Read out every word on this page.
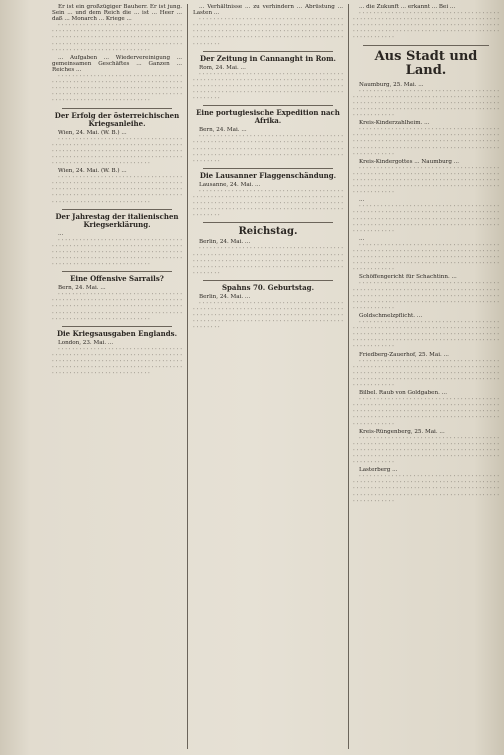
Er ist ein großzügiger Bauherr. Er ist jung. Sein ... und dem Reich die ... ist ... Heer ... daß ... Monarch ... Kriege ...
· · · · · · · · · · · · · · · · · · · · · · · · · · · · · · · · · · · · · · · · · · · · · · · · · · · · · · · · · · · · · · · · · · · · · · · · · · · · · · · · · · · · · · · · · · · · · · · · · · · · · · · · · · · · · · · · · · · · · · · · · · · · · · · · · · · · · · · · · · · · · · · · · · · · · · · · · · · · · · · · · · · · · · · · · · · · · ·
... Aufgaben ... Wiedervereinigung ... gemeinsamen Geschäftes ... Ganzen ... Reiches ...
· · · · · · · · · · · · · · · · · · · · · · · · · · · · · · · · · · · · · · · · · · · · · · · · · · · · · · · · · · · · · · · · · · · · · · · · · · · · · · · · · · · · · · · · · · · · · · · · · · · · · · · · · · · · · · · · · · · · · · · · · · · · · · · · · · · · · · · · · · · · · · · · · · · · · · · · · · · · · · · · · · · · · · · · · · · · · ·
Der Erfolg der österreichischen Kriegsanleihe.
Wien, 24. Mai. (W. B.) ...
· · · · · · · · · · · · · · · · · · · · · · · · · · · · · · · · · · · · · · · · · · · · · · · · · · · · · · · · · · · · · · · · · · · · · · · · · · · · · · · · · · · · · · · · · · · · · · · · · · · · · · · · · · · · · · · · · · · · · · · · · · · · · · · · · · · · · · · · · · · · · · · · · · · · · · · · · · · · · · · · · · · · · · · · · · · · · ·
Wien, 24. Mai. (W. B.) ...
· · · · · · · · · · · · · · · · · · · · · · · · · · · · · · · · · · · · · · · · · · · · · · · · · · · · · · · · · · · · · · · · · · · · · · · · · · · · · · · · · · · · · · · · · · · · · · · · · · · · · · · · · · · · · · · · · · · · · · · · · · · · · · · · · · · · · · · · · · · · · · · · · · · · · · · · · · · · · · · · · · · · · · · · · · · · · ·
Der Jahrestag der italienischen Kriegserklärung.
...
· · · · · · · · · · · · · · · · · · · · · · · · · · · · · · · · · · · · · · · · · · · · · · · · · · · · · · · · · · · · · · · · · · · · · · · · · · · · · · · · · · · · · · · · · · · · · · · · · · · · · · · · · · · · · · · · · · · · · · · · · · · · · · · · · · · · · · · · · · · · · · · · · · · · · · · · · · · · · · · · · · · · · · · · · · · · · ·
Eine Offensive Sarrails?
Bern, 24. Mai. ...
· · · · · · · · · · · · · · · · · · · · · · · · · · · · · · · · · · · · · · · · · · · · · · · · · · · · · · · · · · · · · · · · · · · · · · · · · · · · · · · · · · · · · · · · · · · · · · · · · · · · · · · · · · · · · · · · · · · · · · · · · · · · · · · · · · · · · · · · · · · · · · · · · · · · · · · · · · · · · · · · · · · · · · · · · · · · · ·
Die Kriegsausgaben Englands.
London, 23. Mai. ...
· · · · · · · · · · · · · · · · · · · · · · · · · · · · · · · · · · · · · · · · · · · · · · · · · · · · · · · · · · · · · · · · · · · · · · · · · · · · · · · · · · · · · · · · · · · · · · · · · · · · · · · · · · · · · · · · · · · · · · · · · · · · · · · · · · · · · · · · · · · · · · · · · · · · · · · · · · · · · · · · · · · · · · · · · · · · · ·
... Verhältnisse ... zu verhindern ... Abrüstung ... Lasten ...
· · · · · · · · · · · · · · · · · · · · · · · · · · · · · · · · · · · · · · · · · · · · · · · · · · · · · · · · · · · · · · · · · · · · · · · · · · · · · · · · · · · · · · · · · · · · · · · · · · · · · · · · · · · · · · · · · · · · · · · · · · · · · · · · · · · · · · · · · · · · · · · · · · · · · · · · · · · · · · · · · · · · · · · · · · · · · ·
Der Zeitung in Cannanght in Rom.
Rom, 24. Mai. ...
· · · · · · · · · · · · · · · · · · · · · · · · · · · · · · · · · · · · · · · · · · · · · · · · · · · · · · · · · · · · · · · · · · · · · · · · · · · · · · · · · · · · · · · · · · · · · · · · · · · · · · · · · · · · · · · · · · · · · · · · · · · · · · · · · · · · · · · · · · · · · · · · · · · · · · · · · · · · · · · · · · · · · · · · · · · · · ·
Eine portugiesische Expedition nach Afrika.
Bern, 24. Mai. ...
· · · · · · · · · · · · · · · · · · · · · · · · · · · · · · · · · · · · · · · · · · · · · · · · · · · · · · · · · · · · · · · · · · · · · · · · · · · · · · · · · · · · · · · · · · · · · · · · · · · · · · · · · · · · · · · · · · · · · · · · · · · · · · · · · · · · · · · · · · · · · · · · · · · · · · · · · · · · · · · · · · · · · · · · · · · · · ·
Die Lausanner Flaggenschändung.
Lausanne, 24. Mai. ...
· · · · · · · · · · · · · · · · · · · · · · · · · · · · · · · · · · · · · · · · · · · · · · · · · · · · · · · · · · · · · · · · · · · · · · · · · · · · · · · · · · · · · · · · · · · · · · · · · · · · · · · · · · · · · · · · · · · · · · · · · · · · · · · · · · · · · · · · · · · · · · · · · · · · · · · · · · · · · · · · · · · · · · · · · · · · · ·
Reichstag.
Berlin, 24. Mai. ...
· · · · · · · · · · · · · · · · · · · · · · · · · · · · · · · · · · · · · · · · · · · · · · · · · · · · · · · · · · · · · · · · · · · · · · · · · · · · · · · · · · · · · · · · · · · · · · · · · · · · · · · · · · · · · · · · · · · · · · · · · · · · · · · · · · · · · · · · · · · · · · · · · · · · · · · · · · · · · · · · · · · · · · · · · · · · · ·
Spahns 70. Geburtstag.
Berlin, 24. Mai. ...
· · · · · · · · · · · · · · · · · · · · · · · · · · · · · · · · · · · · · · · · · · · · · · · · · · · · · · · · · · · · · · · · · · · · · · · · · · · · · · · · · · · · · · · · · · · · · · · · · · · · · · · · · · · · · · · · · · · · · · · · · · · · · · · · · · · · · · · · · · · · · · · · · · · · · · · · · · · · · · · · · · · · · · · · · · · · · ·
... die Zukunft ... erkannt ... Bei ...
· · · · · · · · · · · · · · · · · · · · · · · · · · · · · · · · · · · · · · · · · · · · · · · · · · · · · · · · · · · · · · · · · · · · · · · · · · · · · · · · · · · · · · · · · · · · · · · · · · · · · · · · · · · · · · · · · · · · · · · · · · · · · · · · · · · · · · · · · · · · · · · · · · · · · · · · · · · · · · · · · · · · · · · · · · · · · ·
Aus Stadt und Land.
Naumburg, 25. Mai. ...
· · · · · · · · · · · · · · · · · · · · · · · · · · · · · · · · · · · · · · · · · · · · · · · · · · · · · · · · · · · · · · · · · · · · · · · · · · · · · · · · · · · · · · · · · · · · · · · · · · · · · · · · · · · · · · · · · · · · · · · · · · · · · · · · · · · · · · · · · · · · · · · · · · · · · · · · · · · · · · · · · · · · · · · · · · · · · ·
Kreis-Kinderzahlheim. ...
· · · · · · · · · · · · · · · · · · · · · · · · · · · · · · · · · · · · · · · · · · · · · · · · · · · · · · · · · · · · · · · · · · · · · · · · · · · · · · · · · · · · · · · · · · · · · · · · · · · · · · · · · · · · · · · · · · · · · · · · · · · · · · · · · · · · · · · · · · · · · · · · · · · · · · · · · · · · · · · · · · · · · · · · · · · · · ·
Kreis-Kindergottes ... Naumburg ...
· · · · · · · · · · · · · · · · · · · · · · · · · · · · · · · · · · · · · · · · · · · · · · · · · · · · · · · · · · · · · · · · · · · · · · · · · · · · · · · · · · · · · · · · · · · · · · · · · · · · · · · · · · · · · · · · · · · · · · · · · · · · · · · · · · · · · · · · · · · · · · · · · · · · · · · · · · · · · · · · · · · · · · · · · · · · · ·
...
· · · · · · · · · · · · · · · · · · · · · · · · · · · · · · · · · · · · · · · · · · · · · · · · · · · · · · · · · · · · · · · · · · · · · · · · · · · · · · · · · · · · · · · · · · · · · · · · · · · · · · · · · · · · · · · · · · · · · · · · · · · · · · · · · · · · · · · · · · · · · · · · · · · · · · · · · · · · · · · · · · · · · · · · · · · · · ·
...
· · · · · · · · · · · · · · · · · · · · · · · · · · · · · · · · · · · · · · · · · · · · · · · · · · · · · · · · · · · · · · · · · · · · · · · · · · · · · · · · · · · · · · · · · · · · · · · · · · · · · · · · · · · · · · · · · · · · · · · · · · · · · · · · · · · · · · · · · · · · · · · · · · · · · · · · · · · · · · · · · · · · · · · · · · · · · ·
Schöffengericht für Schachtinn. ...
· · · · · · · · · · · · · · · · · · · · · · · · · · · · · · · · · · · · · · · · · · · · · · · · · · · · · · · · · · · · · · · · · · · · · · · · · · · · · · · · · · · · · · · · · · · · · · · · · · · · · · · · · · · · · · · · · · · · · · · · · · · · · · · · · · · · · · · · · · · · · · · · · · · · · · · · · · · · · · · · · · · · · · · · · · · · · ·
Goldschmelzpflicht. ...
· · · · · · · · · · · · · · · · · · · · · · · · · · · · · · · · · · · · · · · · · · · · · · · · · · · · · · · · · · · · · · · · · · · · · · · · · · · · · · · · · · · · · · · · · · · · · · · · · · · · · · · · · · · · · · · · · · · · · · · · · · · · · · · · · · · · · · · · · · · · · · · · · · · · · · · · · · · · · · · · · · · · · · · · · · · · · ·
Friedberg-Zauerhof, 25. Mai. ...
· · · · · · · · · · · · · · · · · · · · · · · · · · · · · · · · · · · · · · · · · · · · · · · · · · · · · · · · · · · · · · · · · · · · · · · · · · · · · · · · · · · · · · · · · · · · · · · · · · · · · · · · · · · · · · · · · · · · · · · · · · · · · · · · · · · · · · · · · · · · · · · · · · · · · · · · · · · · · · · · · · · · · · · · · · · · · ·
Bilbel. Raub von Goldgaben. ...
· · · · · · · · · · · · · · · · · · · · · · · · · · · · · · · · · · · · · · · · · · · · · · · · · · · · · · · · · · · · · · · · · · · · · · · · · · · · · · · · · · · · · · · · · · · · · · · · · · · · · · · · · · · · · · · · · · · · · · · · · · · · · · · · · · · · · · · · · · · · · · · · · · · · · · · · · · · · · · · · · · · · · · · · · · · · · ·
Kreis-Rüngenberg, 25. Mai. ...
· · · · · · · · · · · · · · · · · · · · · · · · · · · · · · · · · · · · · · · · · · · · · · · · · · · · · · · · · · · · · · · · · · · · · · · · · · · · · · · · · · · · · · · · · · · · · · · · · · · · · · · · · · · · · · · · · · · · · · · · · · · · · · · · · · · · · · · · · · · · · · · · · · · · · · · · · · · · · · · · · · · · · · · · · · · · · ·
Lasterberg ...
· · · · · · · · · · · · · · · · · · · · · · · · · · · · · · · · · · · · · · · · · · · · · · · · · · · · · · · · · · · · · · · · · · · · · · · · · · · · · · · · · · · · · · · · · · · · · · · · · · · · · · · · · · · · · · · · · · · · · · · · · · · · · · · · · · · · · · · · · · · · · · · · · · · · · · · · · · · · · · · · · · · · · · · · · · · · · ·
